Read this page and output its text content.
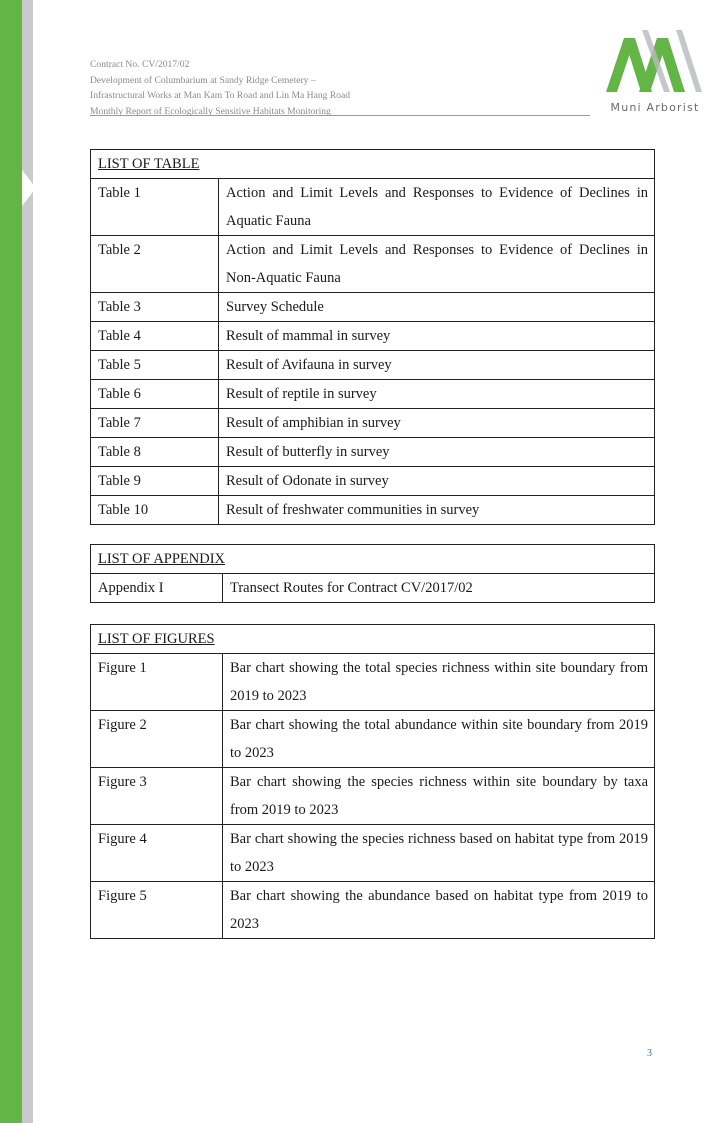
Contract No. CV/2017/02
Development of Columbarium at Sandy Ridge Cemetery –
Infrastructural Works at Man Kam To Road and Lin Ma Hang Road
Monthly Report of Ecologically Sensitive Habitats Monitoring	Muni Arborist
LIST OF TABLE	
Table 1	Action and Limit Levels and Responses to Evidence of Declines in Aquatic Fauna
Table 2	Action and Limit Levels and Responses to Evidence of Declines in Non-Aquatic Fauna
Table 3	Survey Schedule
Table 4	Result of mammal in survey
Table 5	Result of Avifauna in survey
Table 6	Result of reptile in survey
Table 7	Result of amphibian in survey
Table 8	Result of butterfly in survey
Table 9	Result of Odonate in survey
Table 10	Result of freshwater communities in survey
LIST OF APPENDIX
Appendix I	Transect Routes for Contract CV/2017/02
LIST OF FIGURES	
Figure 1	Bar chart showing the total species richness within site boundary from 2019 to 2023
Figure 2	Bar chart showing the total abundance within site boundary from 2019 to 2023
Figure 3	Bar chart showing the species richness within site boundary by taxa from 2019 to 2023
Figure 4	Bar chart showing the species richness based on habitat type from 2019 to 2023
Figure 5	Bar chart showing the abundance based on habitat type from 2019 to 2023
3
